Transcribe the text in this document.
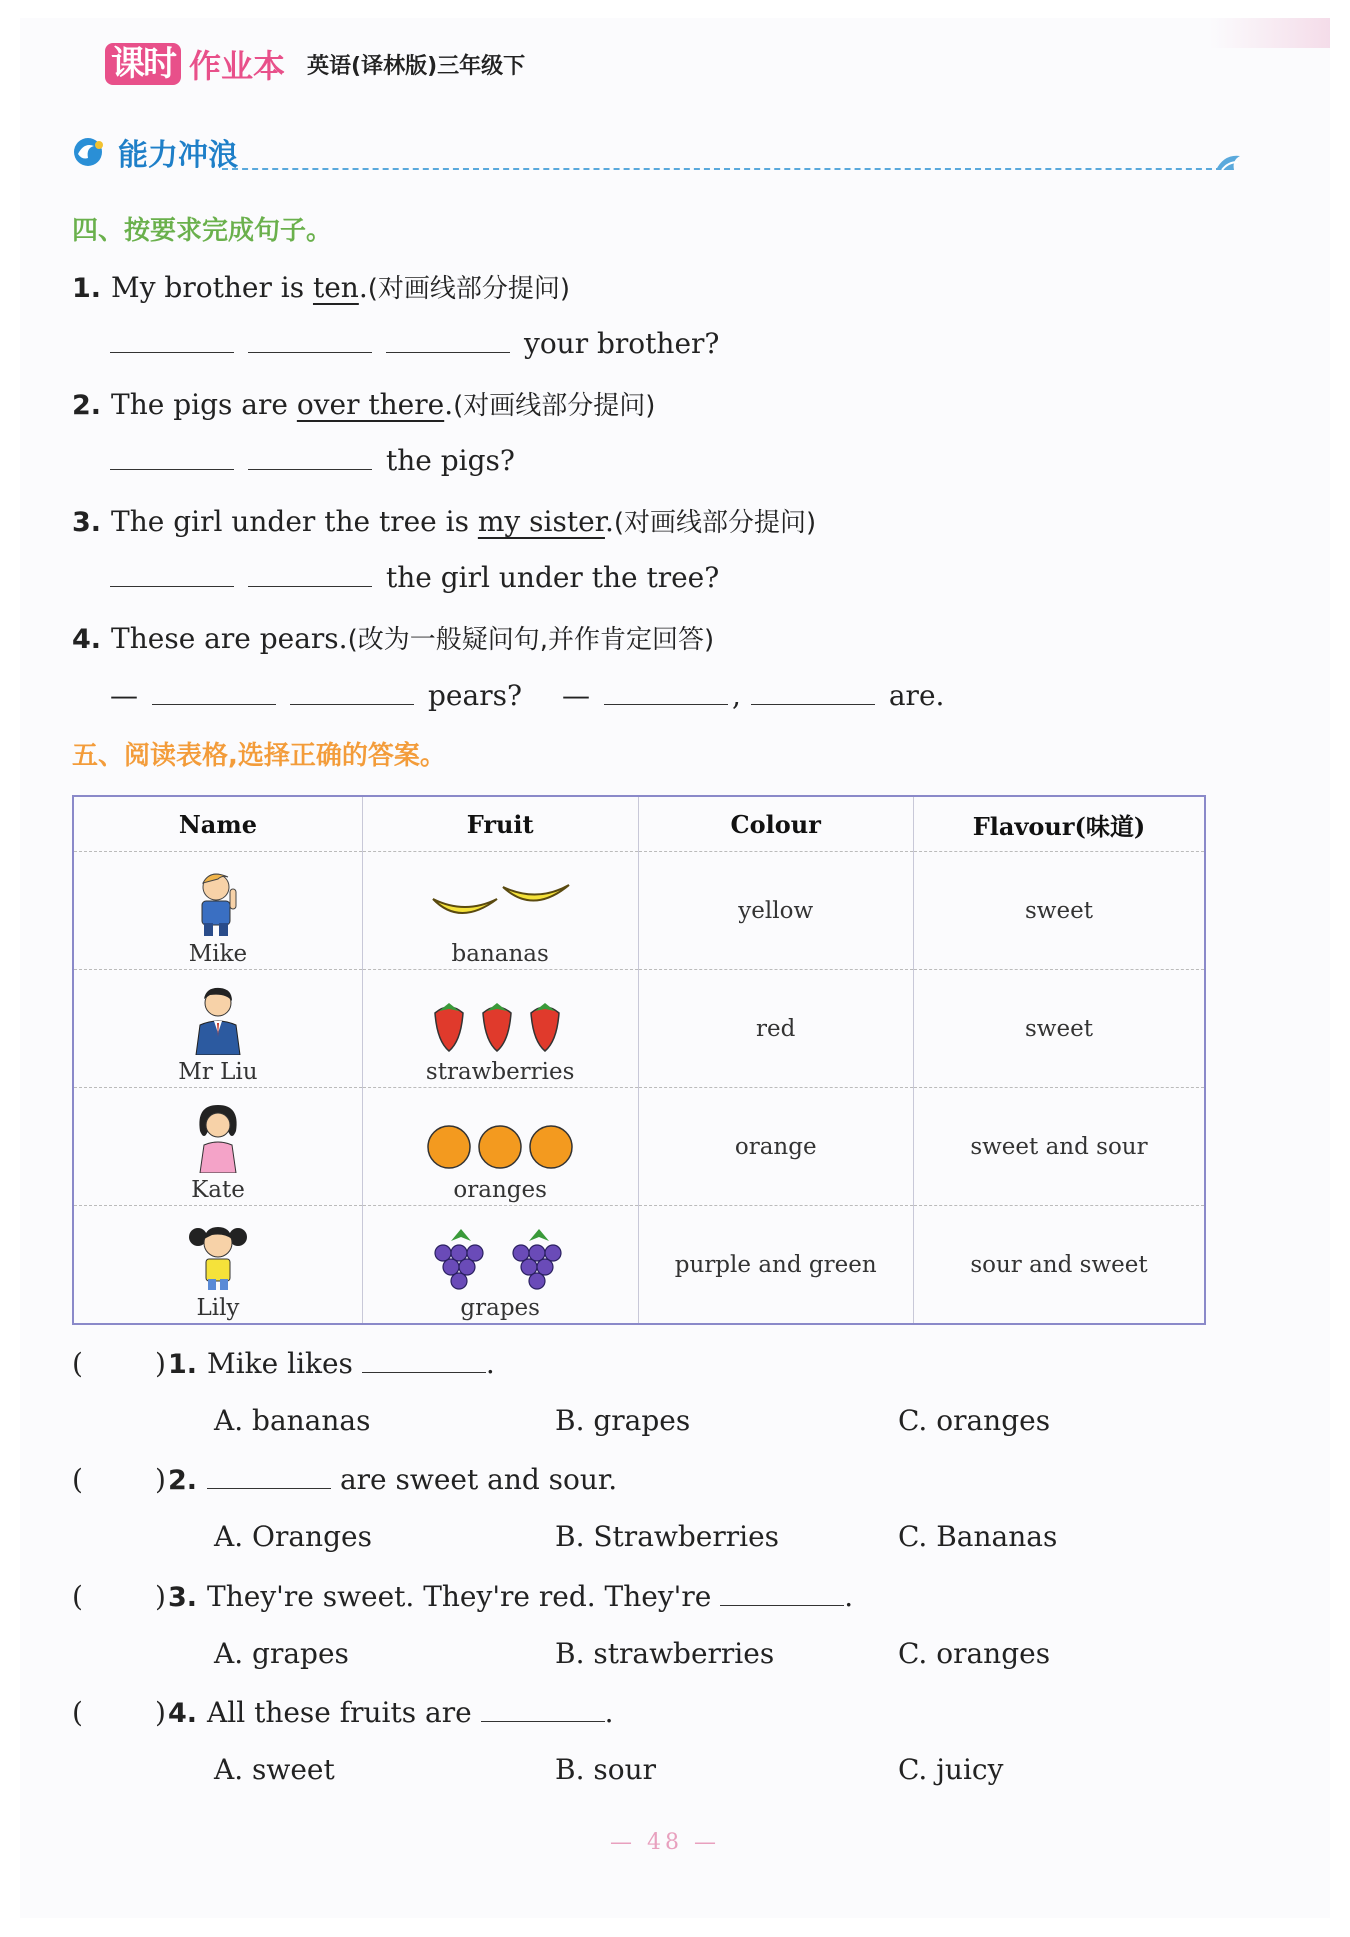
课时 作业本 英语(译林版)三年级下
能力冲浪
四、按要求完成句子。
1. My brother is ten.(对画线部分提问)
your brother?
2. The pigs are over there.(对画线部分提问)
the pigs?
3. The girl under the tree is my sister.(对画线部分提问)
the girl under the tree?
4. These are pears.(改为一般疑问句,并作肯定回答)
—	pears? —	,	are.
五、阅读表格,选择正确的答案。
Name	Fruit	Colour	Flavour(味道)

Mike	bananas	yellow	sweet

Mr Liu	strawberries	red	sweet

Kate	oranges	orange	sweet and sour

Lily	grapes	purple and green	sour and sweet
(	)1. Mike likes	.
A. bananas	B. grapes	C. oranges
(	)2.	are sweet and sour.
A. Oranges	B. Strawberries	C. Bananas
(	)3. They're sweet. They're red. They're	.
A. grapes	B. strawberries	C. oranges
(	)4. All these fruits are	.
A. sweet	B. sour	C. juicy
— 48 —
